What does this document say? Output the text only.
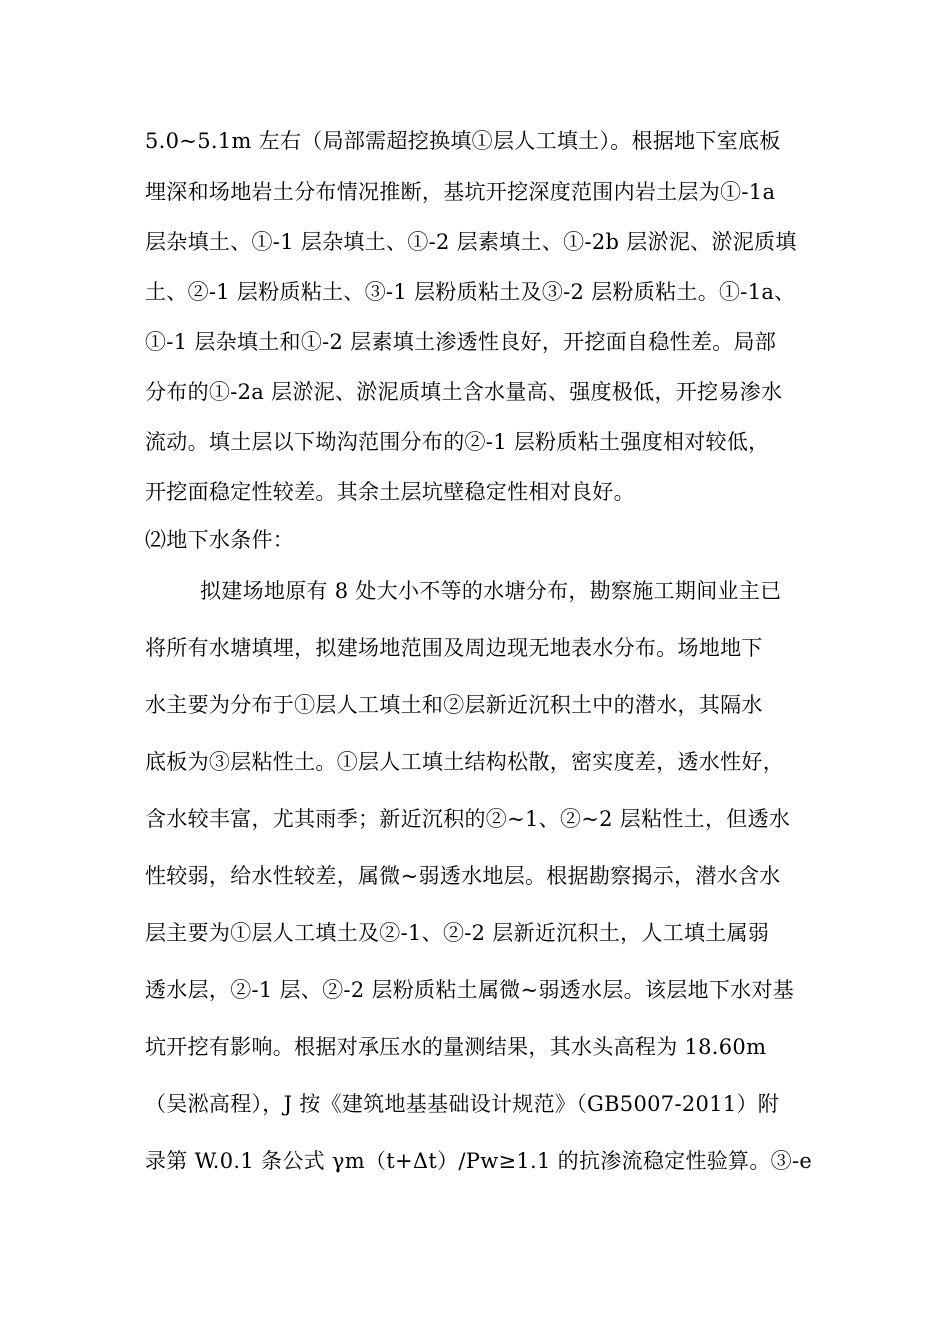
5.0~5.1m 左右（局部需超挖换填①层人工填土）。根据地下室底板
埋深和场地岩土分布情况推断，基坑开挖深度范围内岩土层为①-1a
层杂填土、①-1 层杂填土、①-2 层素填土、①-2b 层淤泥、淤泥质填
土、②-1 层粉质粘土、③-1 层粉质粘土及③-2 层粉质粘土。①-1a、
①-1 层杂填土和①-2 层素填土渗透性良好，开挖面自稳性差。局部
分布的①-2a 层淤泥、淤泥质填土含水量高、强度极低，开挖易渗水
流动。填土层以下坳沟范围分布的②-1 层粉质粘土强度相对较低，
开挖面稳定性较差。其余土层坑壁稳定性相对良好。
⑵地下水条件：
拟建场地原有 8 处大小不等的水塘分布，勘察施工期间业主已
将所有水塘填埋，拟建场地范围及周边现无地表水分布。场地地下
水主要为分布于①层人工填土和②层新近沉积土中的潜水，其隔水
底板为③层粘性土。①层人工填土结构松散，密实度差，透水性好，
含水较丰富，尤其雨季；新近沉积的②~1、②~2 层粘性土，但透水
性较弱，给水性较差，属微~弱透水地层。根据勘察揭示，潜水含水
层主要为①层人工填土及②-1、②-2 层新近沉积土，人工填土属弱
透水层，②-1 层、②-2 层粉质粘土属微~弱透水层。该层地下水对基
坑开挖有影响。根据对承压水的量测结果，其水头高程为 18.60m
（吴淞高程），J 按《建筑地基基础设计规范》（GB5007-2011）附
录第 W.0.1 条公式 γm（t+Δt）/Pw≥1.1 的抗渗流稳定性验算。③-e
